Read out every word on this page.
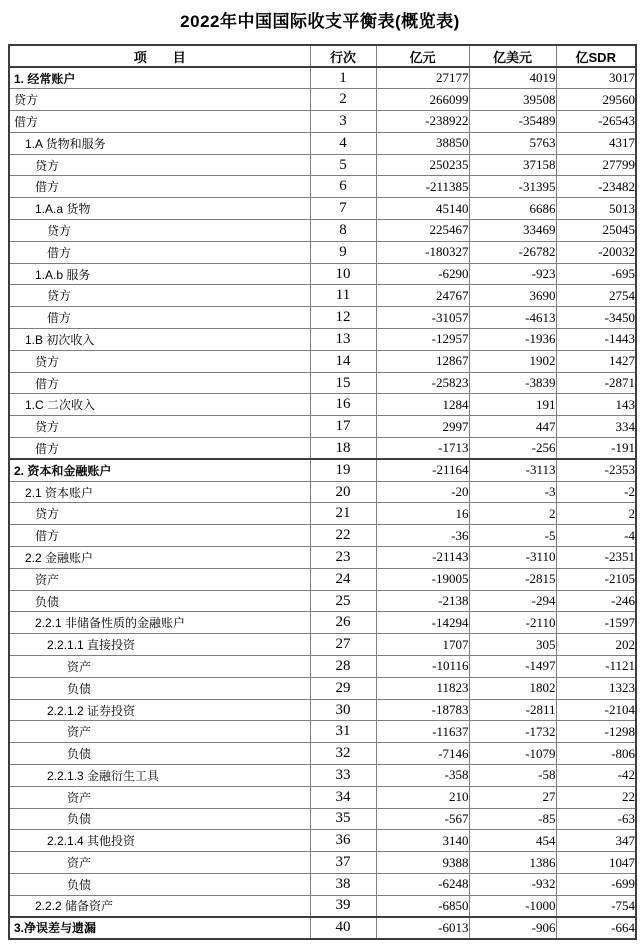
2022年中国国际收支平衡表(概览表)
项　　目	行次	亿元	亿美元	亿SDR
1. 经常账户	1	27177	4019	3017
贷方	2	266099	39508	29560
借方	3	-238922	-35489	-26543
1.A 货物和服务	4	38850	5763	4317
贷方	5	250235	37158	27799
借方	6	-211385	-31395	-23482
1.A.a 货物	7	45140	6686	5013
贷方	8	225467	33469	25045
借方	9	-180327	-26782	-20032
1.A.b 服务	10	-6290	-923	-695
贷方	11	24767	3690	2754
借方	12	-31057	-4613	-3450
1.B 初次收入	13	-12957	-1936	-1443
贷方	14	12867	1902	1427
借方	15	-25823	-3839	-2871
1.C 二次收入	16	1284	191	143
贷方	17	2997	447	334
借方	18	-1713	-256	-191
2. 资本和金融账户	19	-21164	-3113	-2353
2.1 资本账户	20	-20	-3	-2
贷方	21	16	2	2
借方	22	-36	-5	-4
2.2 金融账户	23	-21143	-3110	-2351
资产	24	-19005	-2815	-2105
负债	25	-2138	-294	-246
2.2.1 非储备性质的金融账户	26	-14294	-2110	-1597
2.2.1.1 直接投资	27	1707	305	202
资产	28	-10116	-1497	-1121
负债	29	11823	1802	1323
2.2.1.2 证券投资	30	-18783	-2811	-2104
资产	31	-11637	-1732	-1298
负债	32	-7146	-1079	-806
2.2.1.3 金融衍生工具	33	-358	-58	-42
资产	34	210	27	22
负债	35	-567	-85	-63
2.2.1.4 其他投资	36	3140	454	347
资产	37	9388	1386	1047
负债	38	-6248	-932	-699
2.2.2 储备资产	39	-6850	-1000	-754
3.净误差与遗漏	40	-6013	-906	-664
